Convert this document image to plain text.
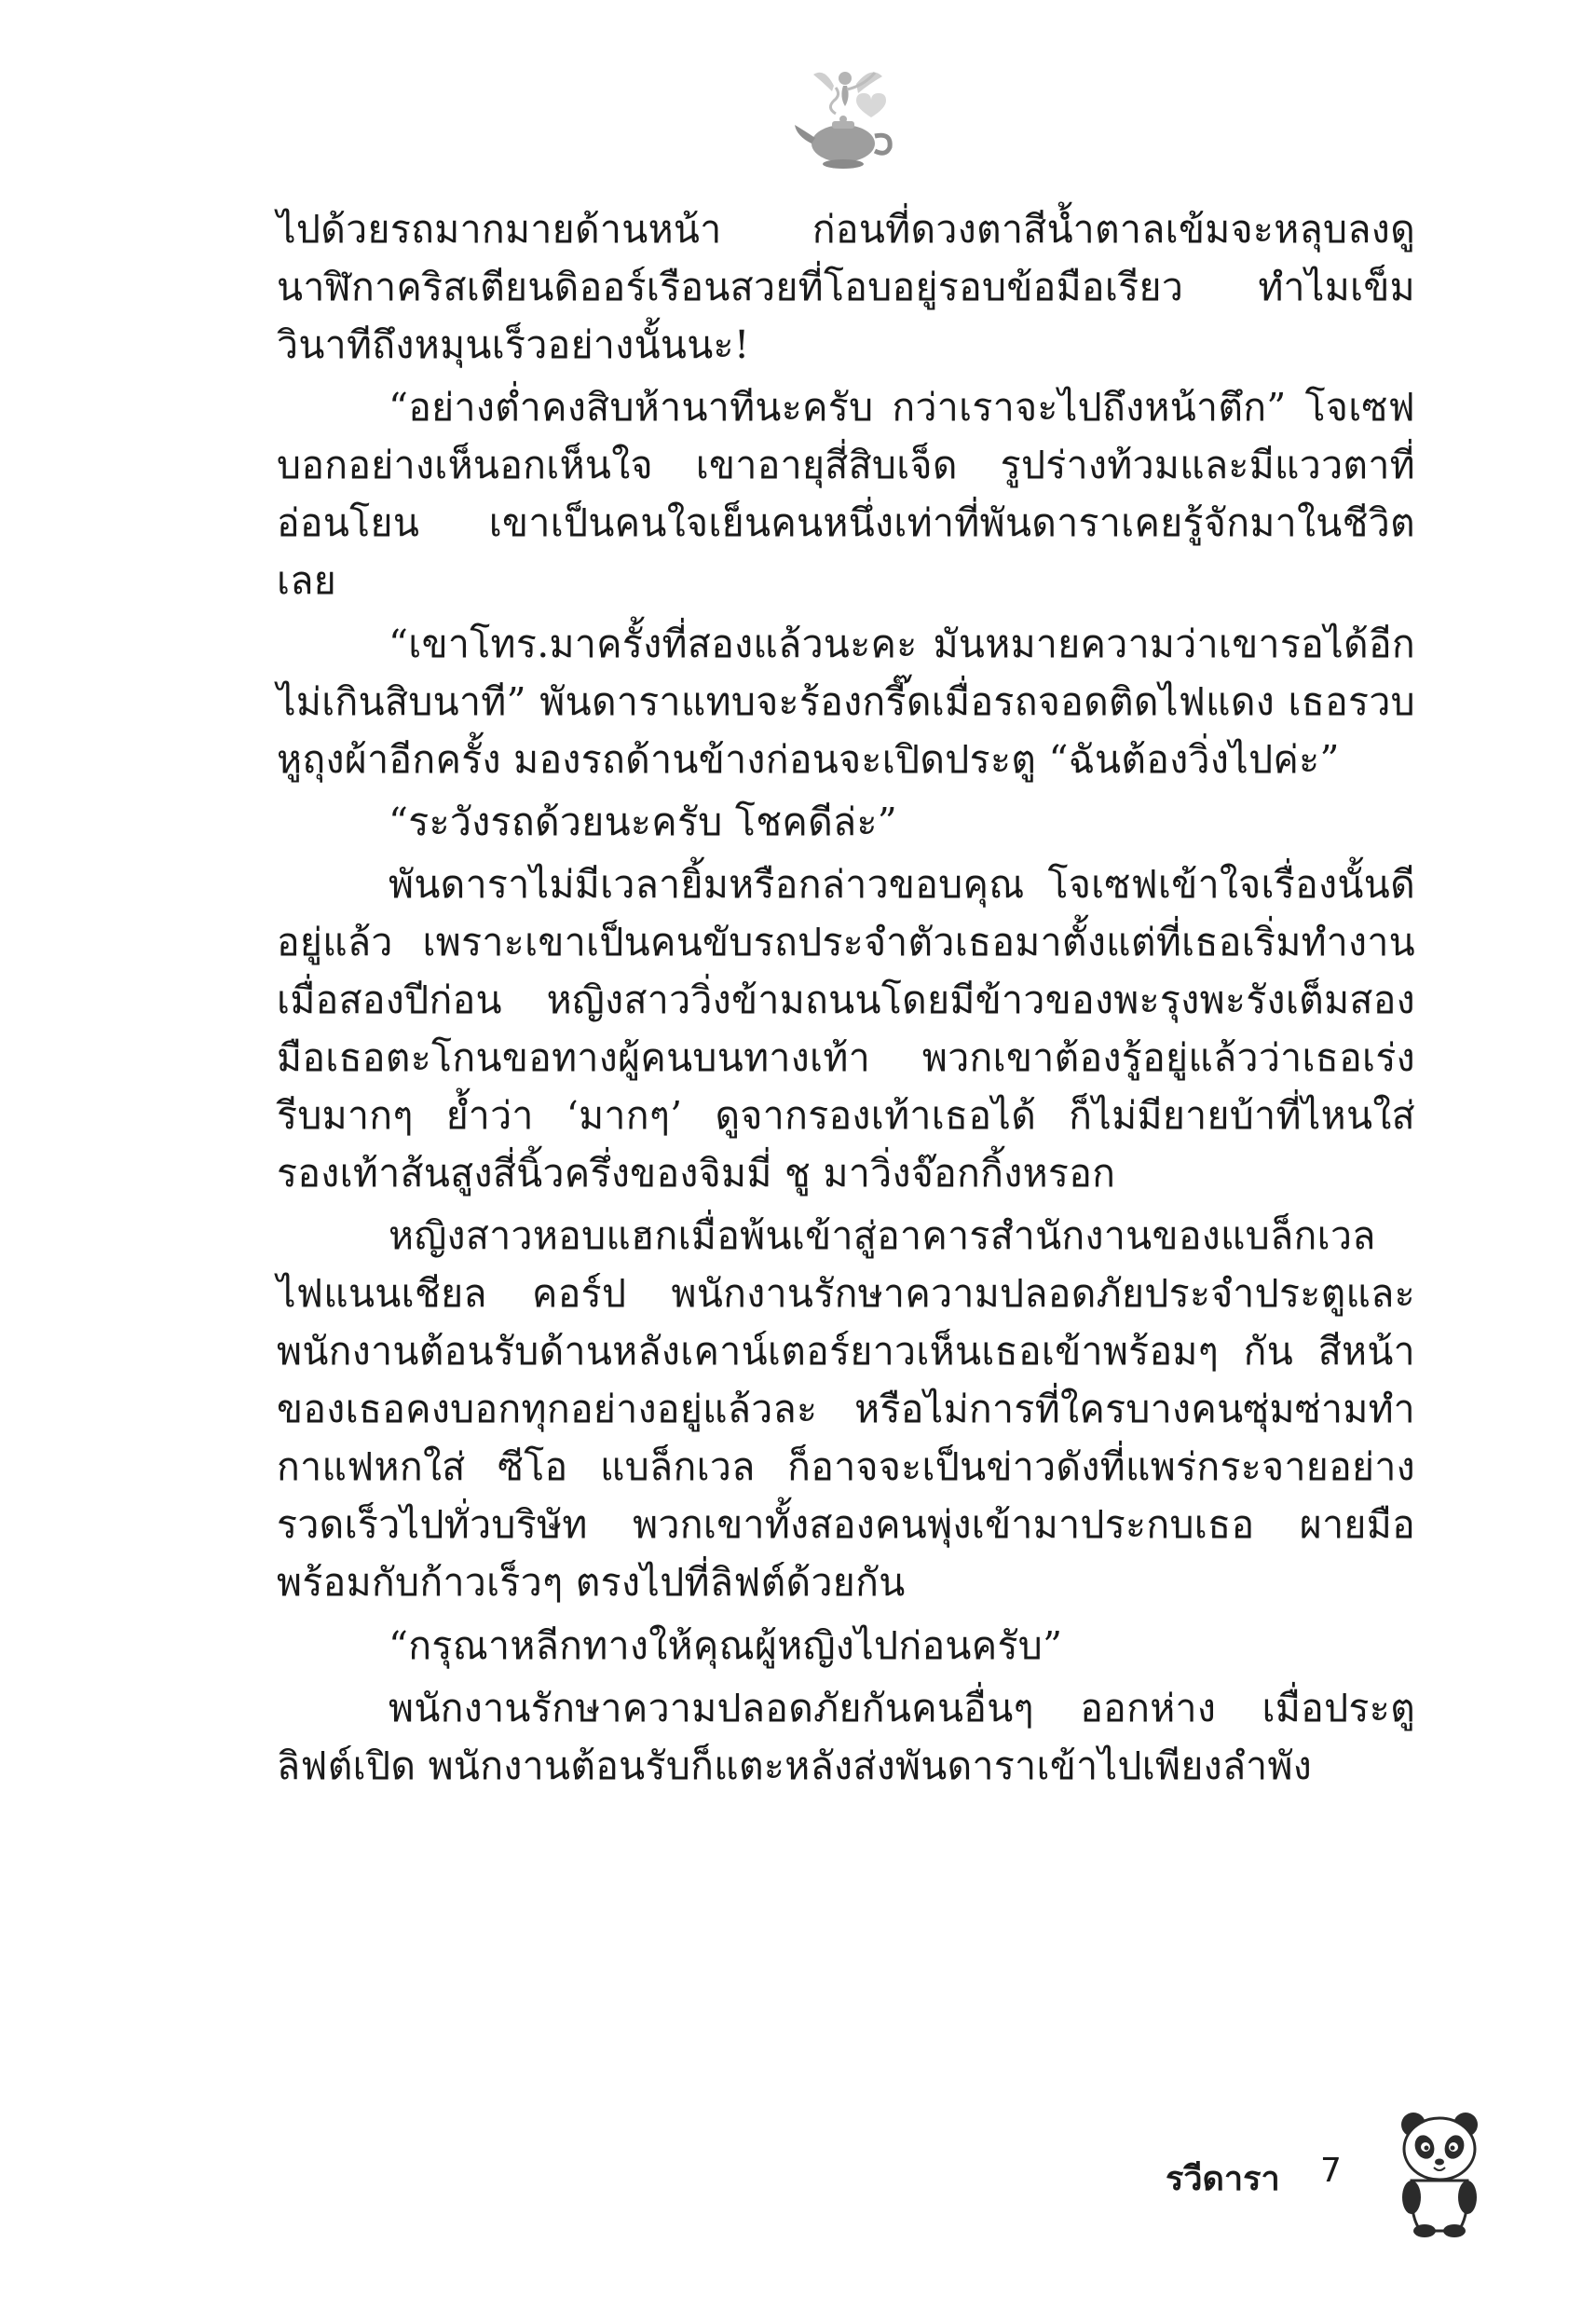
ไปด้วยรถมากมายด้านหน้า ก่อนที่ดวงตาสีน้ำตาลเข้มจะหลุบลงดูนาฬิกาคริสเตียนดิออร์เรือนสวยที่โอบอยู่รอบข้อมือเรียว ทำไมเข็มวินาทีถึงหมุนเร็วอย่างนั้นนะ!

“อย่างต่ำคงสิบห้านาทีนะครับ กว่าเราจะไปถึงหน้าตึก” โจเซฟบอกอย่างเห็นอกเห็นใจ เขาอายุสี่สิบเจ็ด รูปร่างท้วมและมีแววตาที่อ่อนโยน เขาเป็นคนใจเย็นคนหนึ่งเท่าที่พันดาราเคยรู้จักมาในชีวิตเลย

“เขาโทร.มาครั้งที่สองแล้วนะคะ มันหมายความว่าเขารอได้อีกไม่เกินสิบนาที” พันดาราแทบจะร้องกรี๊ดเมื่อรถจอดติดไฟแดง เธอรวบหูถุงผ้าอีกครั้ง มองรถด้านข้างก่อนจะเปิดประตู “ฉันต้องวิ่งไปค่ะ”

“ระวังรถด้วยนะครับ โชคดีล่ะ”

พันดาราไม่มีเวลายิ้มหรือกล่าวขอบคุณ โจเซฟเข้าใจเรื่องนั้นดีอยู่แล้ว เพราะเขาเป็นคนขับรถประจำตัวเธอมาตั้งแต่ที่เธอเริ่มทำงานเมื่อสองปีก่อน หญิงสาววิ่งข้ามถนนโดยมีข้าวของพะรุงพะรังเต็มสองมือเธอตะโกนขอทางผู้คนบนทางเท้า พวกเขาต้องรู้อยู่แล้วว่าเธอเร่งรีบมากๆ ย้ำว่า ‘มากๆ’ ดูจากรองเท้าเธอได้ ก็ไม่มียายบ้าที่ไหนใส่รองเท้าส้นสูงสี่นิ้วครึ่งของจิมมี่ ชู มาวิ่งจ๊อกกิ้งหรอก

หญิงสาวหอบแฮกเมื่อพ้นเข้าสู่อาคารสำนักงานของแบล็กเวลไฟแนนเชียล คอร์ป พนักงานรักษาความปลอดภัยประจำประตูและพนักงานต้อนรับด้านหลังเคาน์เตอร์ยาวเห็นเธอเข้าพร้อมๆ กัน สีหน้าของเธอคงบอกทุกอย่างอยู่แล้วละ หรือไม่การที่ใครบางคนซุ่มซ่ามทำกาแฟหกใส่ ซีโอ แบล็กเวล ก็อาจจะเป็นข่าวดังที่แพร่กระจายอย่างรวดเร็วไปทั่วบริษัท พวกเขาทั้งสองคนพุ่งเข้ามาประกบเธอ ผายมือพร้อมกับก้าวเร็วๆ ตรงไปที่ลิฟต์ด้วยกัน

“กรุณาหลีกทางให้คุณผู้หญิงไปก่อนครับ”

พนักงานรักษาความปลอดภัยกันคนอื่นๆ ออกห่าง เมื่อประตูลิฟต์เปิด พนักงานต้อนรับก็แตะหลังส่งพันดาราเข้าไปเพียงลำพัง

รวีดารา 7
